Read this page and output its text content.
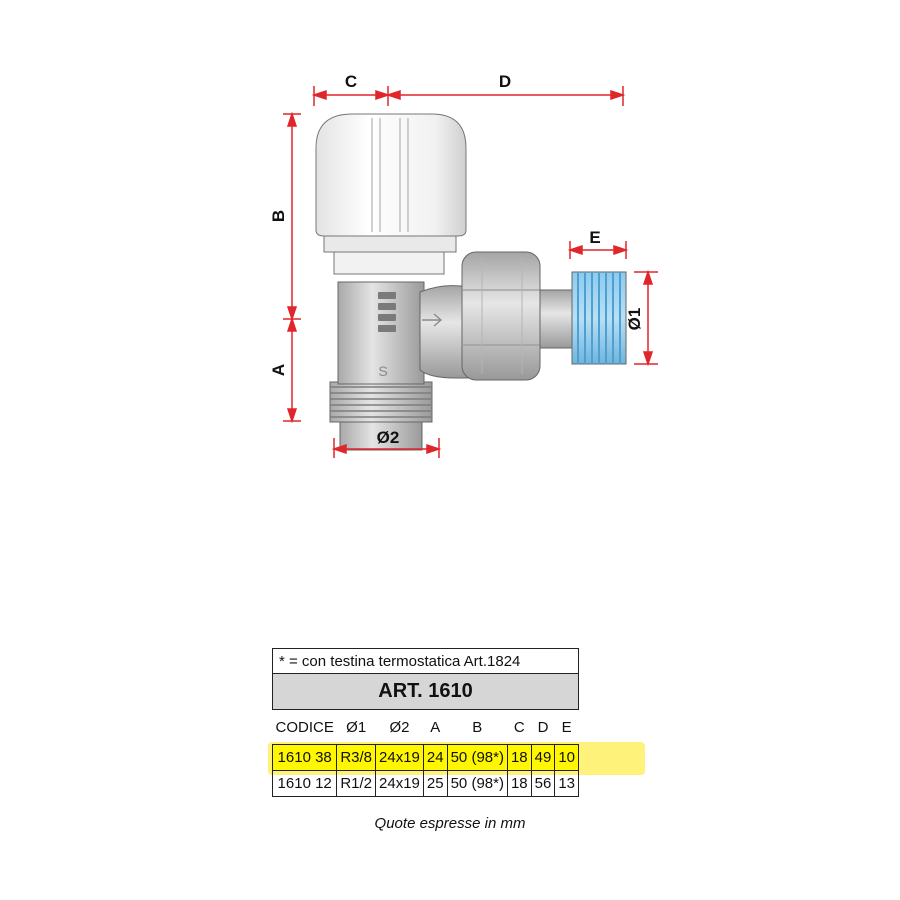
S
C	D
B
A
E
Ø1
Ø2
* = con testina termostatica Art.1824							
ART. 1610							
CODICE	Ø1	Ø2	A	B	C	D	E
1610 38	R3/8	24x19	24	50 (98*)	18	49	10
1610 12	R1/2	24x19	25	50 (98*)	18	56	13
Quote espresse in mm
